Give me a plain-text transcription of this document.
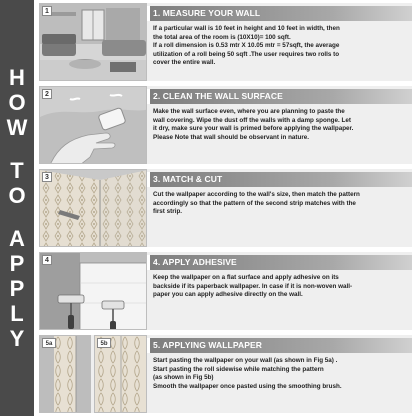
H
O
W
T
O
A
P
P
L
Y
1	1. MEASURE YOUR WALL

If a particular wall is 10 feet in height and 10 feet in width, then

the total area of the room is (10X10)= 100 sqft.

If a roll dimension is 0.53 mtr X 10.05 mtr = 57sqft, the average

utilization of a roll being 50 sqft .The user requires two rolls to

cover the entire wall.

2	2. CLEAN THE WALL SURFACE

Make the wall surface even, where you are planning to paste the

wall covering. Wipe the dust off the walls with a damp sponge. Let

it dry, make sure your wall is primed before applying the wallpaper.

Please Note that wall should be observant in nature.

3	3. MATCH & CUT

Cut the wallpaper according to the wall's size, then match the pattern

accordingly so that the pattern of the second strip matches with the

first strip.

4	4. APPLY ADHESIVE

Keep the wallpaper on a flat surface and apply adhesive on its

backside if its paperback wallpaper. In case if it is non-woven wall-

paper you can apply adhesive directly on the wall.

5a	5b	5. APPLYING WALLPAPER

Start pasting the wallpaper on your wall (as shown in Fig 5a) .

Start pasting the roll sidewise while matching the pattern

(as shown in Fig 5b)

Smooth the wallpaper once pasted using the smoothing brush.
